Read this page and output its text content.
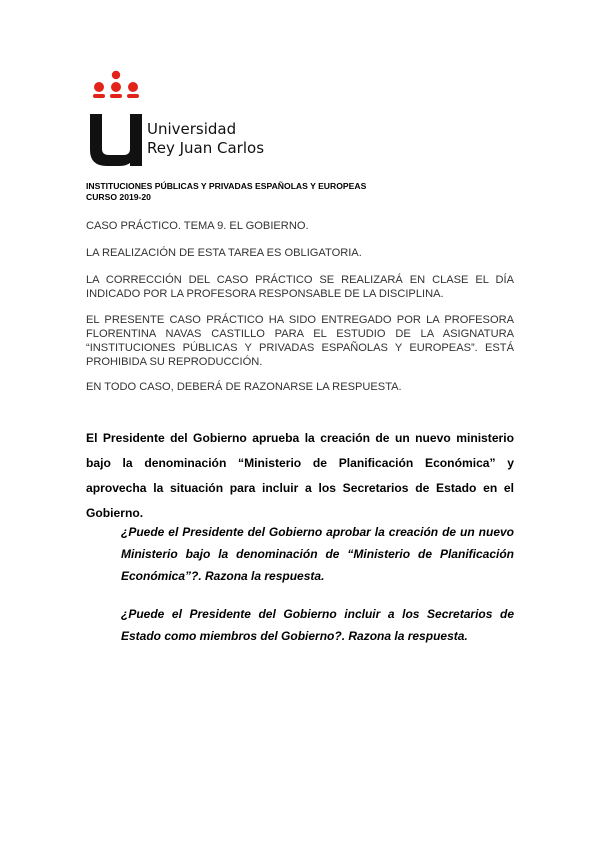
Universidad
Rey Juan Carlos
INSTITUCIONES PÚBLICAS Y PRIVADAS ESPAÑOLAS Y EUROPEAS
CURSO 2019-20
CASO PRÁCTICO. TEMA 9. EL GOBIERNO.
LA REALIZACIÓN DE ESTA TAREA ES OBLIGATORIA.
LA CORRECCIÓN DEL CASO PRÁCTICO SE REALIZARÁ EN CLASE EL DÍA INDICADO POR LA PROFESORA RESPONSABLE DE LA DISCIPLINA.
EL PRESENTE CASO PRÁCTICO HA SIDO ENTREGADO POR LA PROFESORA FLORENTINA NAVAS CASTILLO PARA EL ESTUDIO DE LA ASIGNATURA “INSTITUCIONES PÚBLICAS Y PRIVADAS ESPAÑOLAS Y EUROPEAS”. ESTÁ PROHIBIDA SU REPRODUCCIÓN.
EN TODO CASO, DEBERÁ DE RAZONARSE LA RESPUESTA.
El Presidente del Gobierno aprueba la creación de un nuevo ministerio bajo la denominación “Ministerio de Planificación Económica” y aprovecha la situación para incluir a los Secretarios de Estado en el Gobierno.
¿Puede el Presidente del Gobierno aprobar la creación de un nuevo Ministerio bajo la denominación de “Ministerio de Planificación Económica”?. Razona la respuesta.
¿Puede el Presidente del Gobierno incluir a los Secretarios de Estado como miembros del Gobierno?. Razona la respuesta.
